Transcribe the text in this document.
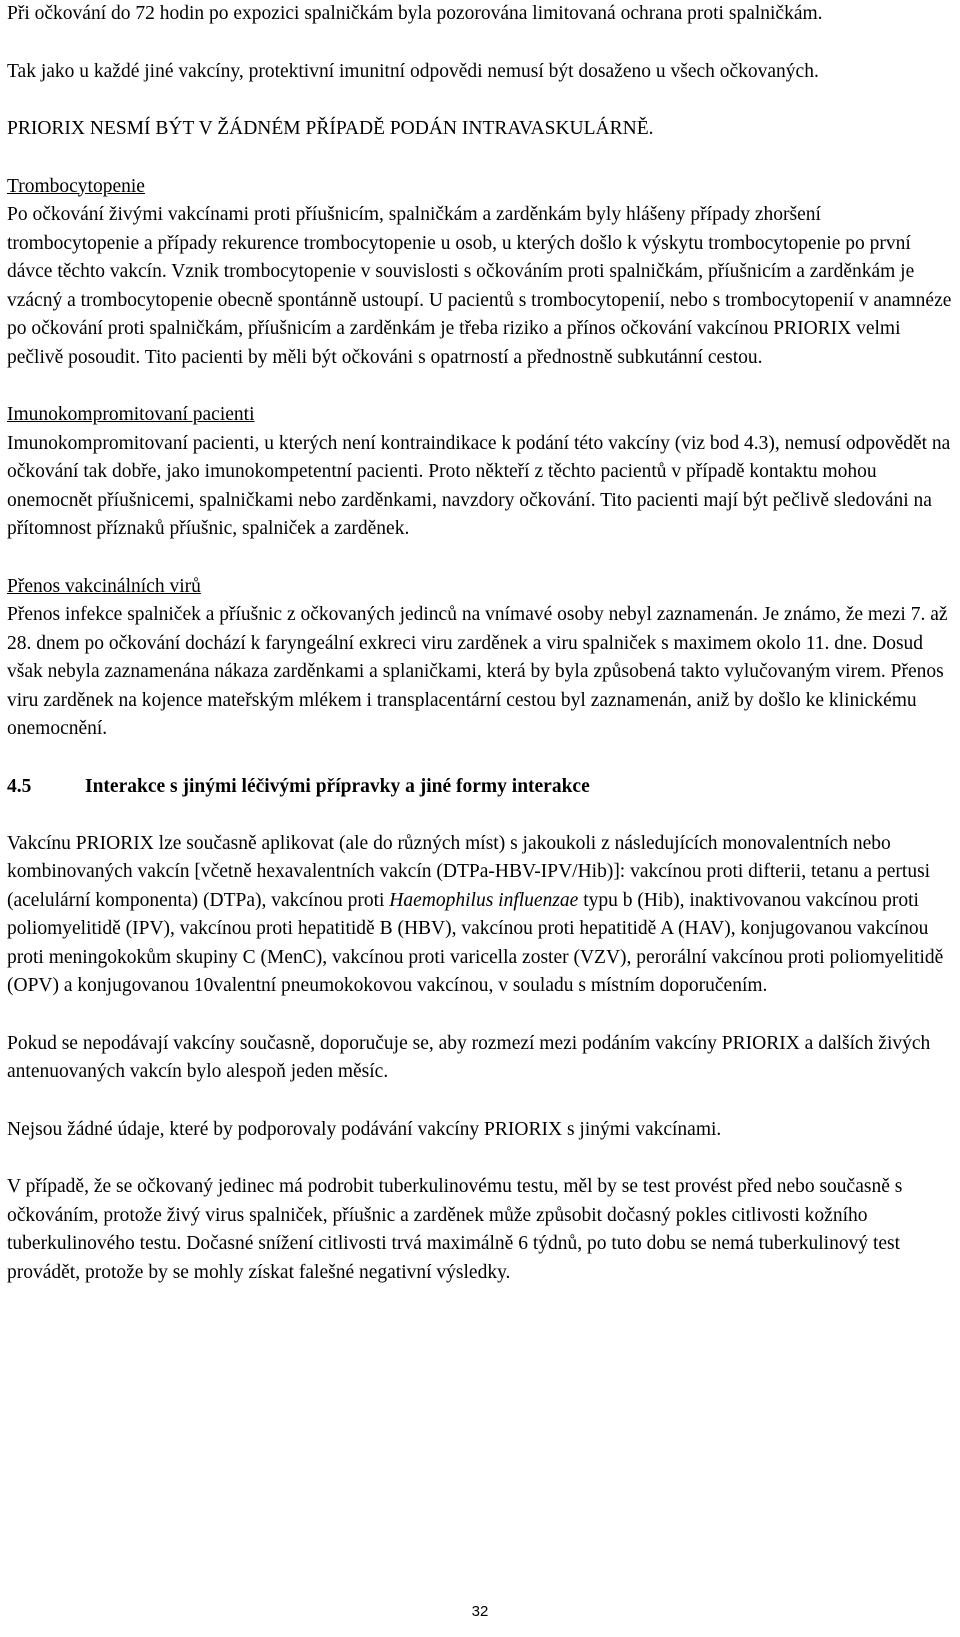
Při očkování do 72 hodin po expozici spalničkám byla pozorována limitovaná ochrana proti spalničkám.

Tak jako u každé jiné vakcíny, protektivní imunitní odpovědi nemusí být dosaženo u všech očkovaných.

PRIORIX NESMÍ BÝT V ŽÁDNÉM PŘÍPADĚ PODÁN INTRAVASKULÁRNĚ.

Trombocytopenie

Po očkování živými vakcínami proti příušnicím, spalničkám a zarděnkám byly hlášeny případy zhoršení trombocytopenie a případy rekurence trombocytopenie u osob, u kterých došlo k výskytu trombocytopenie po první dávce těchto vakcín. Vznik trombocytopenie v souvislosti s očkováním proti spalničkám, příušnicím a zarděnkám je vzácný a trombocytopenie obecně spontánně ustoupí. U pacientů s trombocytopenií, nebo s trombocytopenií v anamnéze po očkování proti spalničkám, příušnicím a zarděnkám je třeba riziko a přínos očkování vakcínou PRIORIX velmi pečlivě posoudit. Tito pacienti by měli být očkováni s opatrností a přednostně subkutánní cestou.

Imunokompromitovaní pacienti

Imunokompromitovaní pacienti, u kterých není kontraindikace k podání této vakcíny (viz bod 4.3), nemusí odpovědět na očkování tak dobře, jako imunokompetentní pacienti. Proto někteří z těchto pacientů v případě kontaktu mohou onemocnět příušnicemi, spalničkami nebo zarděnkami, navzdory očkování. Tito pacienti mají být pečlivě sledováni na přítomnost příznaků příušnic, spalniček a zarděnek.

Přenos vakcinálních virů

Přenos infekce spalniček a příušnic z očkovaných jedinců na vnímavé osoby nebyl zaznamenán. Je známo, že mezi 7. až 28. dnem po očkování dochází k faryngeální exkreci viru zarděnek a viru spalniček s maximem okolo 11. dne. Dosud však nebyla zaznamenána nákaza zarděnkami a splaničkami, která by byla způsobená takto vylučovaným virem. Přenos viru zarděnek na kojence mateřským mlékem i transplacentární cestou byl zaznamenán, aniž by došlo ke klinickému onemocnění.

4.5	Interakce s jinými léčivými přípravky a jiné formy interakce

Vakcínu PRIORIX lze současně aplikovat (ale do různých míst) s jakoukoli z následujících monovalentních nebo kombinovaných vakcín [včetně hexavalentních vakcín (DTPa-HBV-IPV/Hib)]: vakcínou proti difterii, tetanu a pertusi (acelulární komponenta) (DTPa), vakcínou proti Haemophilus influenzae typu b (Hib), inaktivovanou vakcínou proti poliomyelitidě (IPV), vakcínou proti hepatitidě B (HBV), vakcínou proti hepatitidě A (HAV), konjugovanou vakcínou proti meningokokům skupiny C (MenC), vakcínou proti varicella zoster (VZV), perorální vakcínou proti poliomyelitidě (OPV) a konjugovanou 10valentní pneumokokovou vakcínou, v souladu s místním doporučením.

Pokud se nepodávají vakcíny současně, doporučuje se, aby rozmezí mezi podáním vakcíny PRIORIX a dalších živých antenuovaných vakcín bylo alespoň jeden měsíc.

Nejsou žádné údaje, které by podporovaly podávání vakcíny PRIORIX s jinými vakcínami.

V případě, že se očkovaný jedinec má podrobit tuberkulinovému testu, měl by se test provést před nebo současně s očkováním, protože živý virus spalniček, příušnic a zarděnek může způsobit dočasný pokles citlivosti kožního tuberkulinového testu. Dočasné snížení citlivosti trvá maximálně 6 týdnů, po tuto dobu se nemá tuberkulinový test provádět, protože by se mohly získat falešné negativní výsledky.

32
